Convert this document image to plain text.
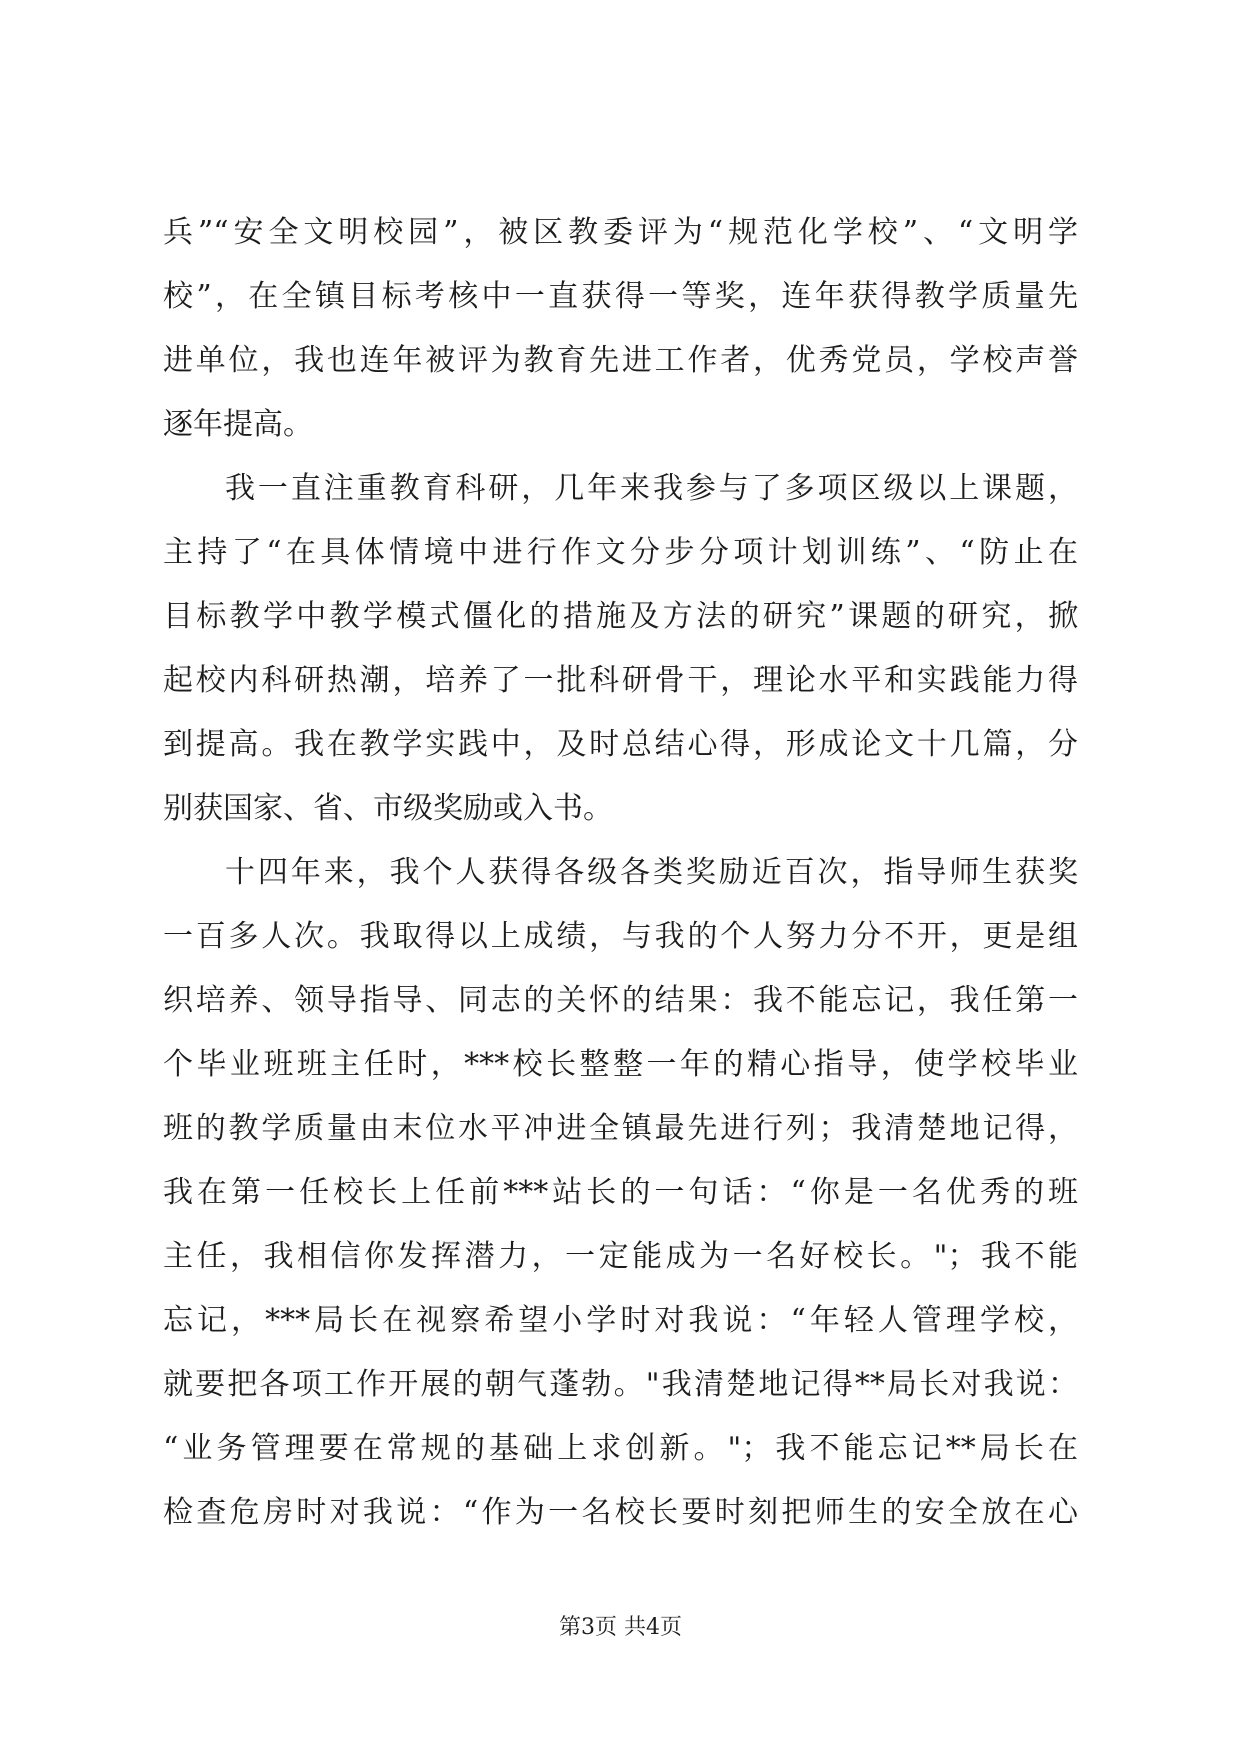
兵”“安全文明校园”，被区教委评为“规范化学校”、“文明学
校”，在全镇目标考核中一直获得一等奖，连年获得教学质量先
进单位，我也连年被评为教育先进工作者，优秀党员，学校声誉
逐年提高。
我一直注重教育科研，几年来我参与了多项区级以上课题，
主持了“在具体情境中进行作文分步分项计划训练”、“防止在
目标教学中教学模式僵化的措施及方法的研究”课题的研究，掀
起校内科研热潮，培养了一批科研骨干，理论水平和实践能力得
到提高。我在教学实践中，及时总结心得，形成论文十几篇，分
别获国家、省、市级奖励或入书。
十四年来，我个人获得各级各类奖励近百次，指导师生获奖
一百多人次。我取得以上成绩，与我的个人努力分不开，更是组
织培养、领导指导、同志的关怀的结果：我不能忘记，我任第一
个毕业班班主任时，***校长整整一年的精心指导，使学校毕业
班的教学质量由末位水平冲进全镇最先进行列；我清楚地记得，
我在第一任校长上任前***站长的一句话：“你是一名优秀的班
主任，我相信你发挥潜力，一定能成为一名好校长。"；我不能
忘记，***局长在视察希望小学时对我说：“年轻人管理学校，
就要把各项工作开展的朝气蓬勃。"我清楚地记得**局长对我说：
“业务管理要在常规的基础上求创新。"；我不能忘记**局长在
检查危房时对我说：“作为一名校长要时刻把师生的安全放在心
第3页 共4页
